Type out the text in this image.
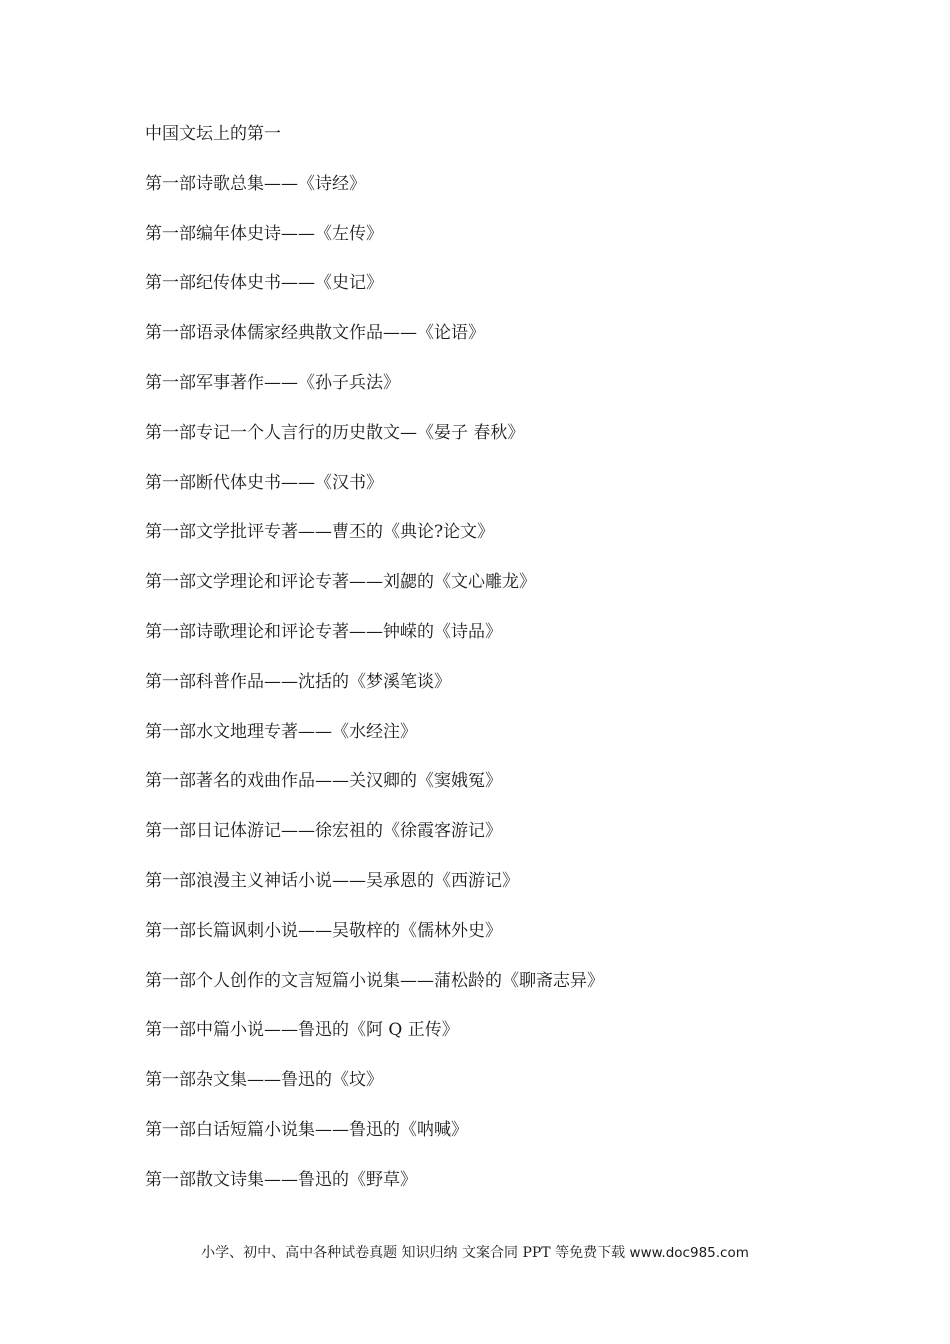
中国文坛上的第一
第一部诗歌总集——《诗经》
第一部编年体史诗——《左传》
第一部纪传体史书——《史记》
第一部语录体儒家经典散文作品——《论语》
第一部军事著作——《孙子兵法》
第一部专记一个人言行的历史散文—《晏子 春秋》
第一部断代体史书——《汉书》
第一部文学批评专著——曹丕的《典论?论文》
第一部文学理论和评论专著——刘勰的《文心雕龙》
第一部诗歌理论和评论专著——钟嵘的《诗品》
第一部科普作品——沈括的《梦溪笔谈》
第一部水文地理专著——《水经注》
第一部著名的戏曲作品——关汉卿的《窦娥冤》
第一部日记体游记——徐宏祖的《徐霞客游记》
第一部浪漫主义神话小说——吴承恩的《西游记》
第一部长篇讽刺小说——吴敬梓的《儒林外史》
第一部个人创作的文言短篇小说集——蒲松龄的《聊斋志异》
第一部中篇小说——鲁迅的《阿 Q 正传》
第一部杂文集——鲁迅的《坟》
第一部白话短篇小说集——鲁迅的《呐喊》
第一部散文诗集——鲁迅的《野草》
小学、初中、高中各种试卷真题 知识归纳 文案合同 PPT 等免费下载 www.doc985.com
